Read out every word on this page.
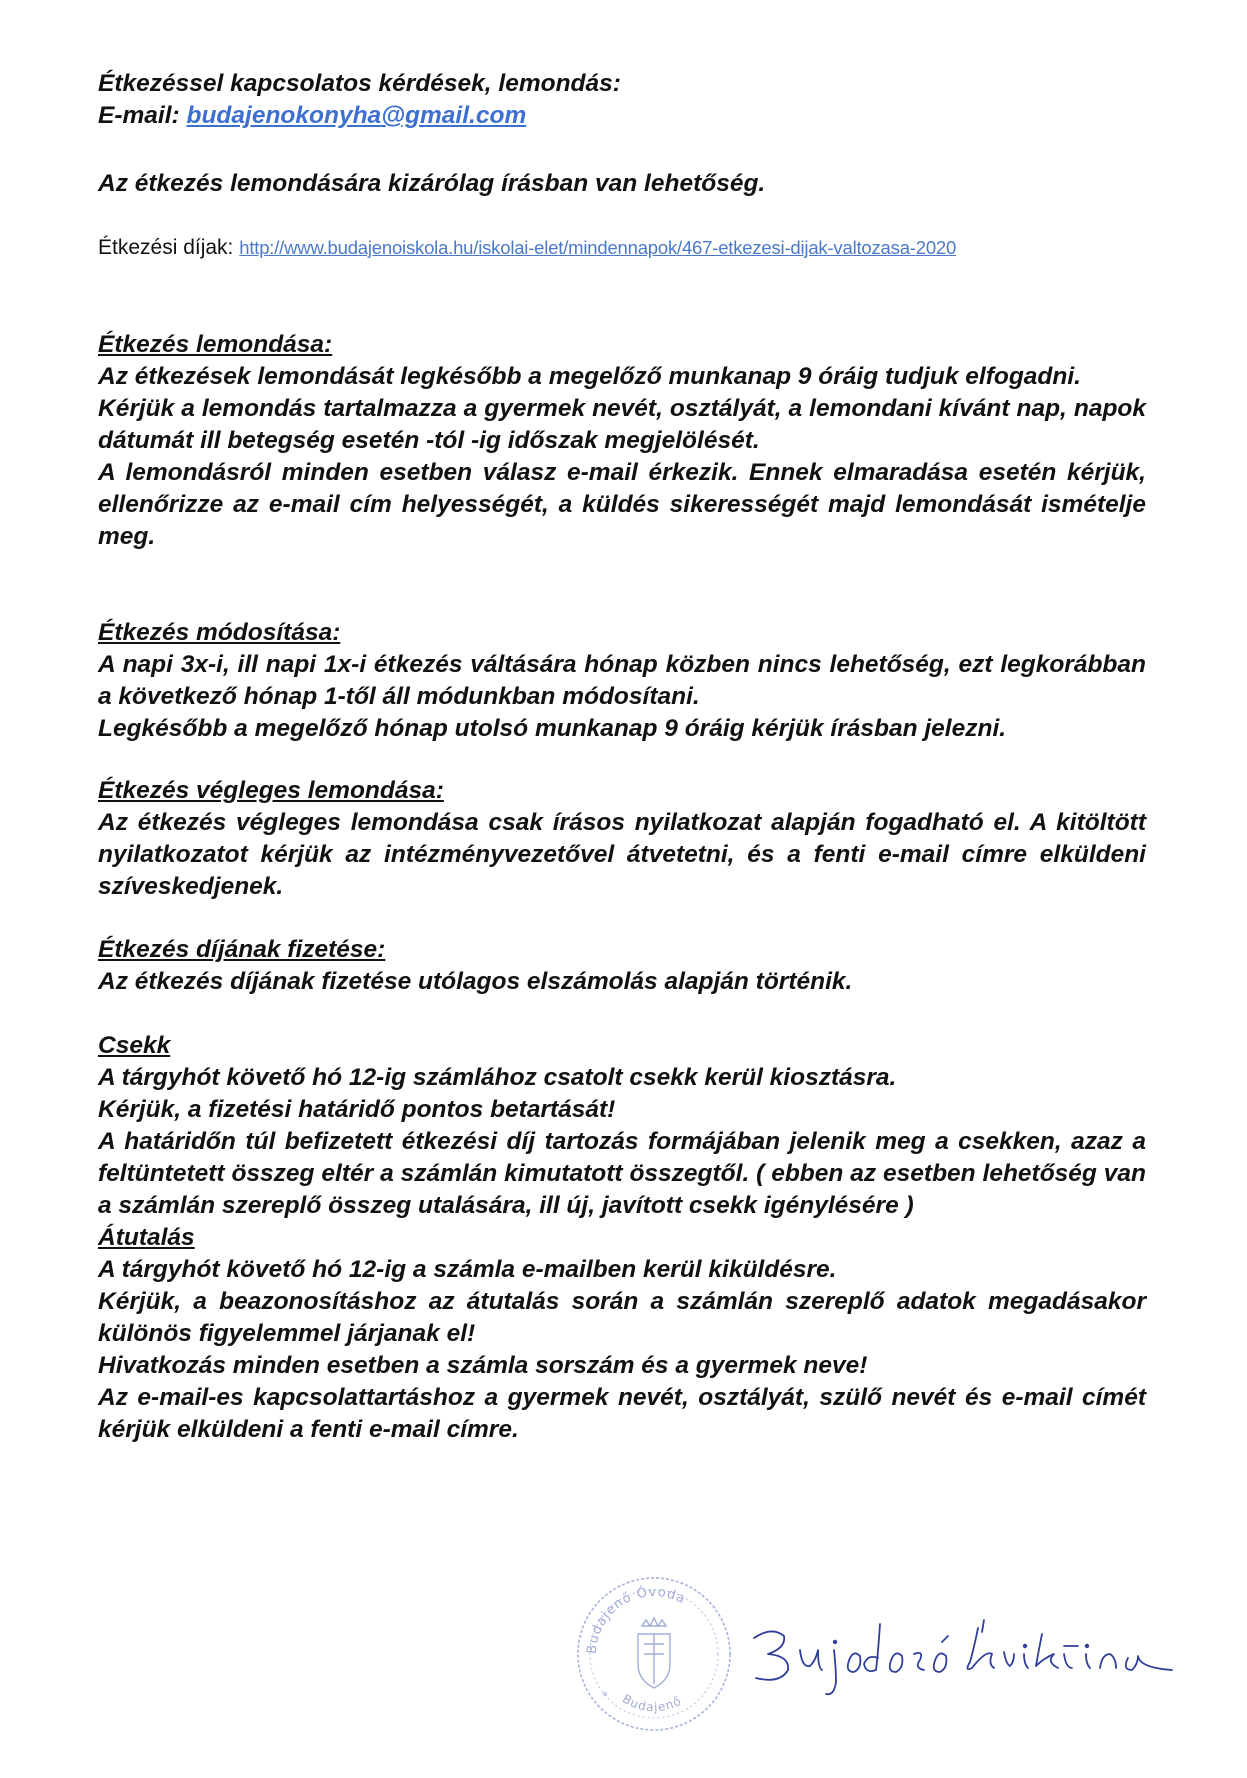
Étkezéssel kapcsolatos kérdések, lemondás:
E-mail: budajenokonyha@gmail.com

Az étkezés lemondására kizárólag írásban van lehetőség.

Étkezési díjak: http://www.budajenoiskola.hu/iskolai-elet/mindennapok/467-etkezesi-dijak-valtozasa-2020

Étkezés lemondása:
Az étkezések lemondását legkésőbb a megelőző munkanap 9 óráig tudjuk elfogadni.
Kérjük a lemondás tartalmazza a gyermek nevét, osztályát, a lemondani kívánt nap, napok dátumát ill betegség esetén -tól -ig időszak megjelölését.
A lemondásról minden esetben válasz e-mail érkezik. Ennek elmaradása esetén kérjük, ellenőrizze az e-mail cím helyességét, a küldés sikerességét majd lemondását ismételje meg.
Étkezés módosítása:
A napi 3x-i, ill napi 1x-i étkezés váltására hónap közben nincs lehetőség, ezt legkorábban a következő hónap 1-től áll módunkban módosítani.
Legkésőbb a megelőző hónap utolsó munkanap 9 óráig kérjük írásban jelezni.
Étkezés végleges lemondása:
Az étkezés végleges lemondása csak írásos nyilatkozat alapján fogadható el. A kitöltött nyilatkozatot kérjük az intézményvezetővel átvetetni, és a fenti e-mail címre elküldeni szíveskedjenek.
Étkezés díjának fizetése:
Az étkezés díjának fizetése utólagos elszámolás alapján történik.
Csekk
A tárgyhót követő hó 12-ig számlához csatolt csekk kerül kiosztásra.
Kérjük, a fizetési határidő pontos betartását!
A határidőn túl befizetett étkezési díj tartozás formájában jelenik meg a csekken, azaz a feltüntetett összeg eltér a számlán kimutatott összegtől. ( ebben az esetben lehetőség van a számlán szereplő összeg utalására, ill új, javított csekk igénylésére )
Átutalás
A tárgyhót követő hó 12-ig a számla e-mailben kerül kiküldésre.
Kérjük, a beazonosításhoz az átutalás során a számlán szereplő adatok megadásakor különös figyelemmel járjanak el!
Hivatkozás minden esetben a számla sorszám és a gyermek neve!
Az e-mail-es kapcsolattartáshoz a gyermek nevét, osztályát, szülő nevét és e-mail címét kérjük elküldeni a fenti e-mail címre.
Budajenő Óvoda
Budajenő
*
